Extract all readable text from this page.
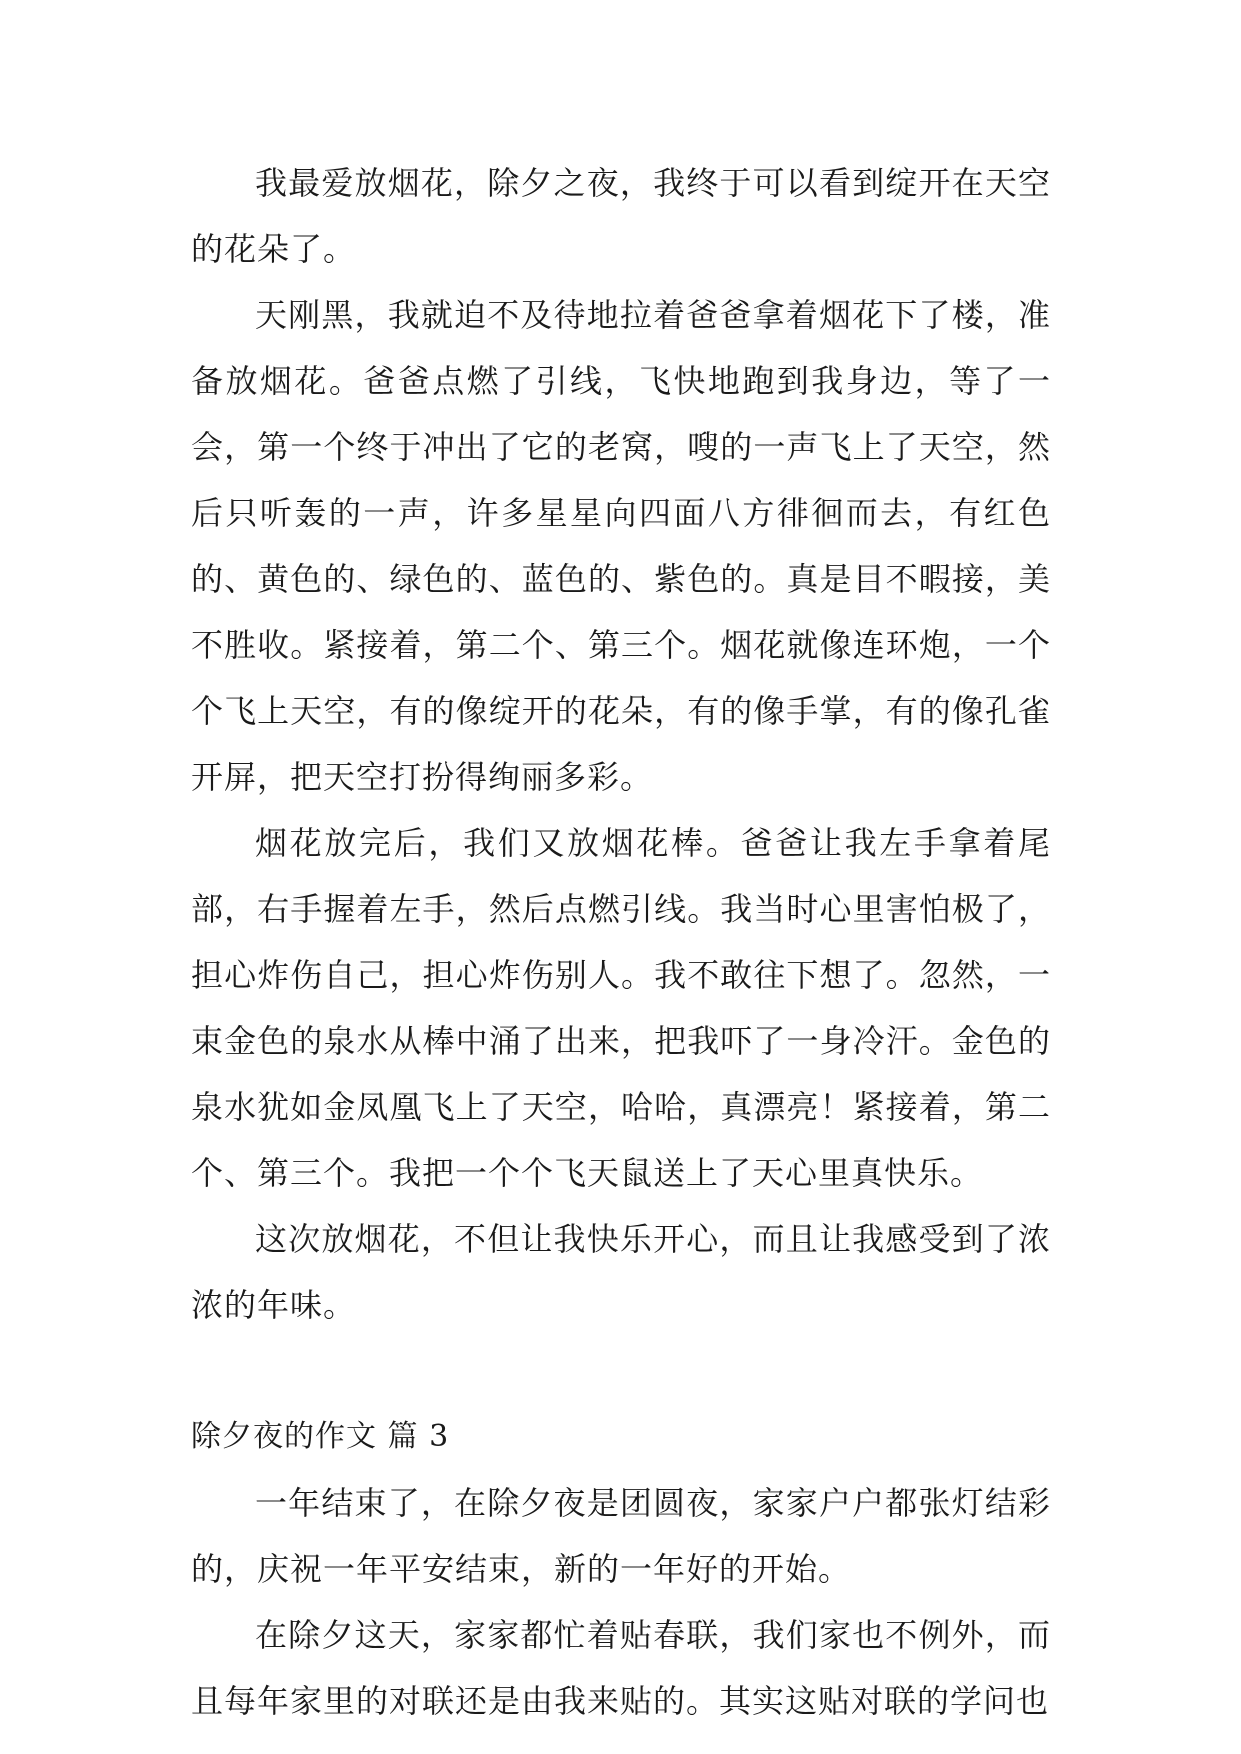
我最爱放烟花，除夕之夜，我终于可以看到绽开在天空的花朵了。

天刚黑，我就迫不及待地拉着爸爸拿着烟花下了楼，准备放烟花。爸爸点燃了引线，飞快地跑到我身边，等了一会，第一个终于冲出了它的老窝，嗖的一声飞上了天空，然后只听轰的一声，许多星星向四面八方徘徊而去，有红色的、黄色的、绿色的、蓝色的、紫色的。真是目不暇接，美不胜收。紧接着，第二个、第三个。烟花就像连环炮，一个个飞上天空，有的像绽开的花朵，有的像手掌，有的像孔雀开屏，把天空打扮得绚丽多彩。

烟花放完后，我们又放烟花棒。爸爸让我左手拿着尾部，右手握着左手，然后点燃引线。我当时心里害怕极了，担心炸伤自己，担心炸伤别人。我不敢往下想了。忽然，一束金色的泉水从棒中涌了出来，把我吓了一身冷汗。金色的泉水犹如金凤凰飞上了天空，哈哈，真漂亮！紧接着，第二个、第三个。我把一个个飞天鼠送上了天心里真快乐。

这次放烟花，不但让我快乐开心，而且让我感受到了浓浓的年味。

除夕夜的作文 篇 3

一年结束了，在除夕夜是团圆夜，家家户户都张灯结彩的，庆祝一年平安结束，新的一年好的开始。

在除夕这天，家家都忙着贴春联，我们家也不例外，而且每年家里的对联还是由我来贴的。其实这贴对联的学问也
